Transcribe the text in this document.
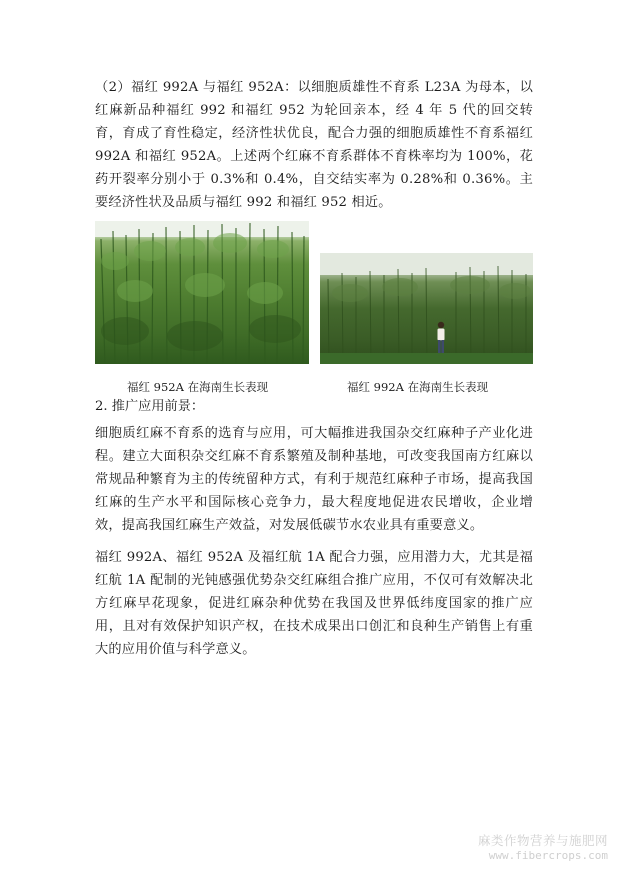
（2）福红 992A 与福红 952A：以细胞质雄性不育系 L23A 为母本，以红麻新品种福红 992 和福红 952 为轮回亲本，经 4 年 5 代的回交转育，育成了育性稳定，经济性状优良，配合力强的细胞质雄性不育系福红 992A 和福红 952A。上述两个红麻不育系群体不育株率均为 100%，花药开裂率分别小于 0.3%和 0.4%，自交结实率为 0.28%和 0.36%。主要经济性状及品质与福红 992 和福红 952 相近。

福红 952A 在海南生长表现	福红 992A 在海南生长表现

2. 推广应用前景：

细胞质红麻不育系的选育与应用，可大幅推进我国杂交红麻种子产业化进程。建立大面积杂交红麻不育系繁殖及制种基地，可改变我国南方红麻以常规品种繁育为主的传统留种方式，有利于规范红麻种子市场，提高我国红麻的生产水平和国际核心竞争力，最大程度地促进农民增收，企业增效，提高我国红麻生产效益，对发展低碳节水农业具有重要意义。

福红 992A、福红 952A 及福红航 1A 配合力强，应用潜力大，尤其是福红航 1A 配制的光钝感强优势杂交红麻组合推广应用，不仅可有效解决北方红麻早花现象，促进红麻杂种优势在我国及世界低纬度国家的推广应用，且对有效保护知识产权，在技术成果出口创汇和良种生产销售上有重大的应用价值与科学意义。

麻类作物营养与施肥网
www.fibercrops.com
